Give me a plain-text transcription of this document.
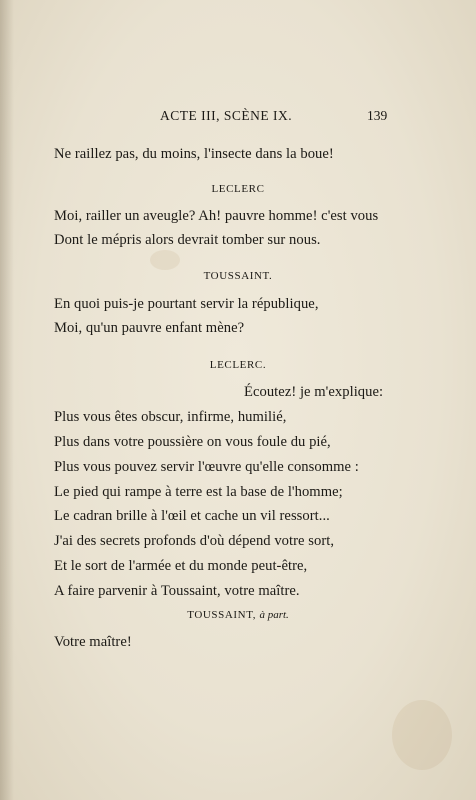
ACTE III, SCÈNE IX.	139
Ne raillez pas, du moins, l'insecte dans la boue!
LECLERC
Moi, railler un aveugle? Ah! pauvre homme! c'est vous
Dont le mépris alors devrait tomber sur nous.
TOUSSAINT.
En quoi puis-je pourtant servir la république,
Moi, qu'un pauvre enfant mène?
LECLERC.
Écoutez! je m'explique:
Plus vous êtes obscur, infirme, humilié,
Plus dans votre poussière on vous foule du pié,
Plus vous pouvez servir l'œuvre qu'elle consomme :
Le pied qui rampe à terre est la base de l'homme;
Le cadran brille à l'œil et cache un vil ressort...
J'ai des secrets profonds d'où dépend votre sort,
Et le sort de l'armée et du monde peut-être,
A faire parvenir à Toussaint, votre maître.
TOUSSAINT, à part.
Votre maître!
